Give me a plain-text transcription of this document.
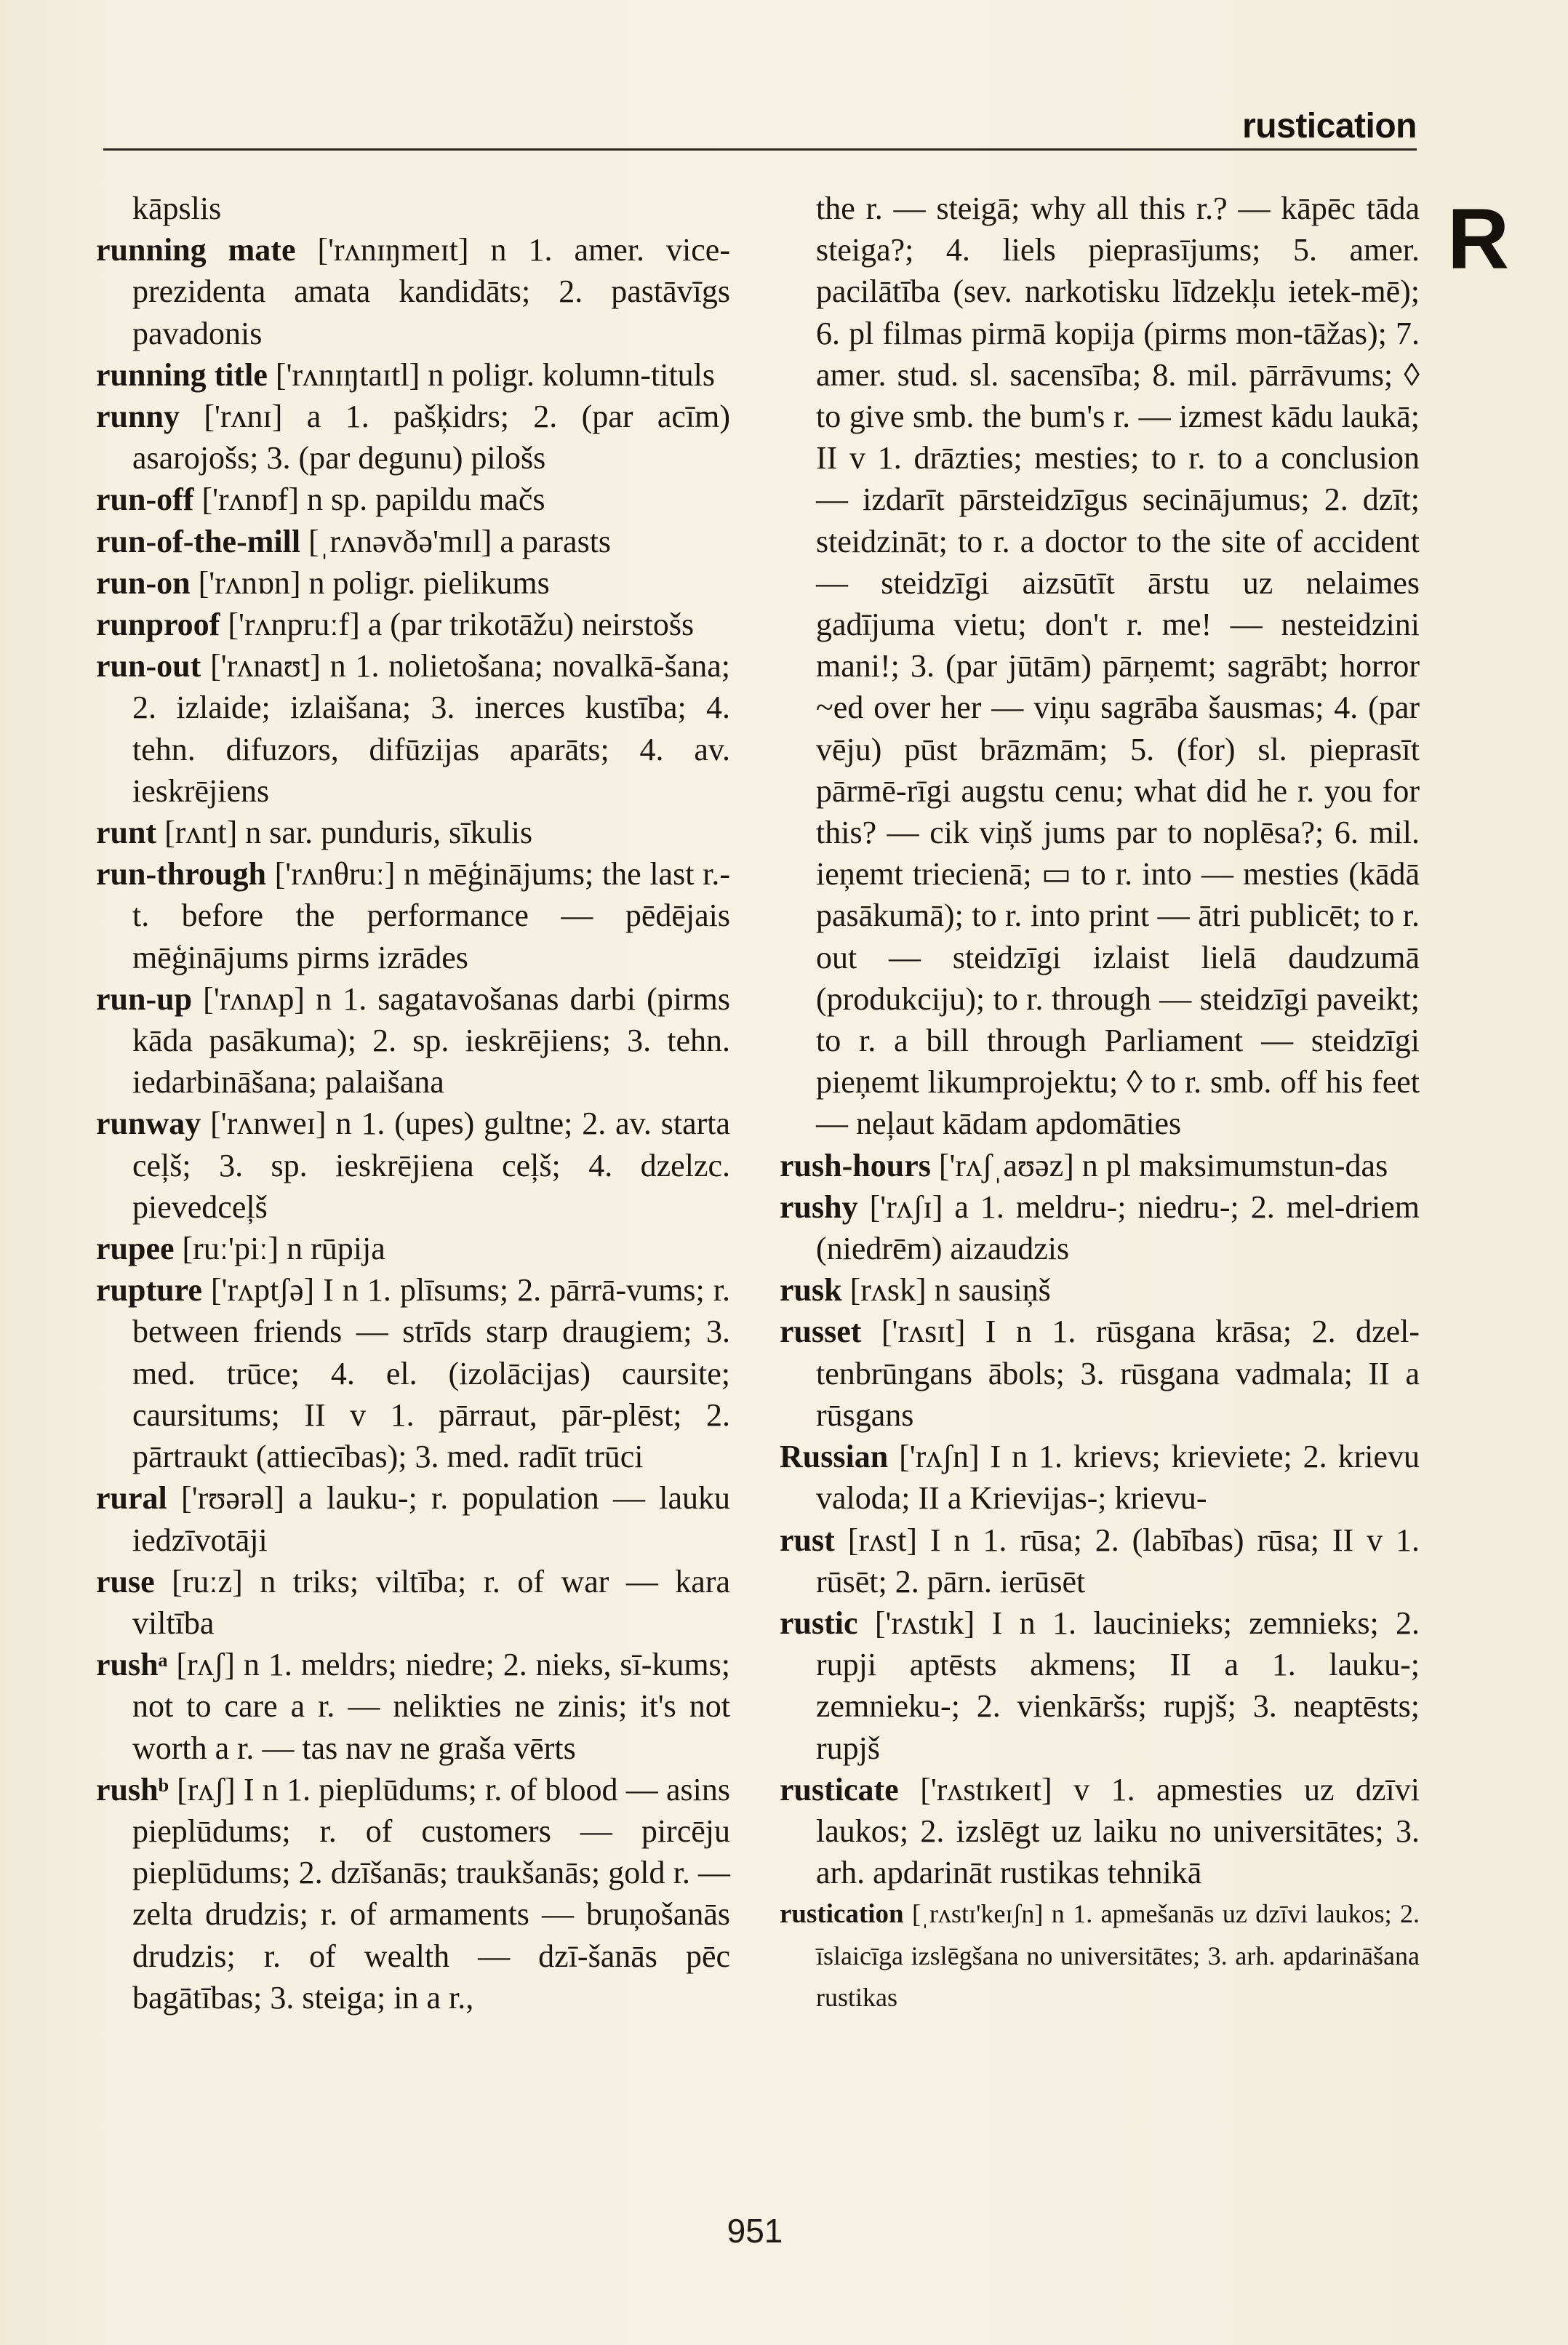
rustication
R

kāpslis

running mate ['rʌnɪŋmeɪt] n 1. amer. vice-prezidenta amata kandidāts; 2. pastāvīgs pavadonis

running title ['rʌnɪŋtaɪtl] n poligr. kolumn-tituls

runny ['rʌnɪ] a 1. pašķidrs; 2. (par acīm) asarojošs; 3. (par degunu) pilošs

run-off ['rʌnɒf] n sp. papildu mačs

run-of-the-mill [ˌrʌnəvðə'mɪl] a parasts

run-on ['rʌnɒn] n poligr. pielikums

runproof ['rʌnpruːf] a (par trikotāžu) neirstošs

run-out ['rʌnaʊt] n 1. nolietošana; novalkā-šana; 2. izlaide; izlaišana; 3. inerces kustība; 4. tehn. difuzors, difūzijas aparāts; 4. av. ieskrējiens

runt [rʌnt] n sar. punduris, sīkulis

run-through ['rʌnθruː] n mēģinājums; the last r.-t. before the performance — pēdējais mēģinājums pirms izrādes

run-up ['rʌnʌp] n 1. sagatavošanas darbi (pirms kāda pasākuma); 2. sp. ieskrējiens; 3. tehn. iedarbināšana; palaišana

runway ['rʌnweɪ] n 1. (upes) gultne; 2. av. starta ceļš; 3. sp. ieskrējiena ceļš; 4. dzelzc. pievedceļš

rupee [ruː'piː] n rūpija

rupture ['rʌptʃə] I n 1. plīsums; 2. pārrā-vums; r. between friends — strīds starp draugiem; 3. med. trūce; 4. el. (izolācijas) caursite; caursitums; II v 1. pārraut, pār-plēst; 2. pārtraukt (attiecības); 3. med. radīt trūci

rural ['rʊərəl] a lauku-; r. population — lauku iedzīvotāji

ruse [ruːz] n triks; viltība; r. of war — kara viltība

rushᵃ [rʌʃ] n 1. meldrs; niedre; 2. nieks, sī-kums; not to care a r. — nelikties ne zinis; it's not worth a r. — tas nav ne graša vērts

rushᵇ [rʌʃ] I n 1. pieplūdums; r. of blood — asins pieplūdums; r. of customers — pircēju pieplūdums; 2. dzīšanās; traukšanās; gold r. — zelta drudzis; r. of armaments — bruņošanās drudzis; r. of wealth — dzī-šanās pēc bagātības; 3. steiga; in a r.,

the r. — steigā; why all this r.? — kāpēc tāda steiga?; 4. liels pieprasījums; 5. amer. pacilātība (sev. narkotisku līdzekļu ietek-mē); 6. pl filmas pirmā kopija (pirms mon-tāžas); 7. amer. stud. sl. sacensība; 8. mil. pārrāvums; ◊ to give smb. the bum's r. — izmest kādu laukā; II v 1. drāzties; mesties; to r. to a conclusion — izdarīt pārsteidzīgus secinājumus; 2. dzīt; steidzināt; to r. a doctor to the site of accident — steidzīgi aizsūtīt ārstu uz nelaimes gadījuma vietu; don't r. me! — nesteidzini mani!; 3. (par jūtām) pārņemt; sagrābt; horror ~ed over her — viņu sagrāba šausmas; 4. (par vēju) pūst brāzmām; 5. (for) sl. pieprasīt pārmē-rīgi augstu cenu; what did he r. you for this? — cik viņš jums par to noplēsa?; 6. mil. ieņemt triecienā; ▭ to r. into — mesties (kādā pasākumā); to r. into print — ātri publicēt; to r. out — steidzīgi izlaist lielā daudzumā (produkciju); to r. through — steidzīgi paveikt; to r. a bill through Parliament — steidzīgi pieņemt likumprojektu; ◊ to r. smb. off his feet — neļaut kādam apdomāties

rush-hours ['rʌʃˌaʊəz] n pl maksimumstun-das

rushy ['rʌʃɪ] a 1. meldru-; niedru-; 2. mel-driem (niedrēm) aizaudzis

rusk [rʌsk] n sausiņš

russet ['rʌsɪt] I n 1. rūsgana krāsa; 2. dzel-tenbrūngans ābols; 3. rūsgana vadmala; II a rūsgans

Russian ['rʌʃn] I n 1. krievs; krieviete; 2. krievu valoda; II a Krievijas-; krievu-

rust [rʌst] I n 1. rūsa; 2. (labības) rūsa; II v 1. rūsēt; 2. pārn. ierūsēt

rustic ['rʌstɪk] I n 1. laucinieks; zemnieks; 2. rupji aptēsts akmens; II a 1. lauku-; zemnieku-; 2. vienkāršs; rupjš; 3. neaptēsts; rupjš

rusticate ['rʌstɪkeɪt] v 1. apmesties uz dzīvi laukos; 2. izslēgt uz laiku no universitātes; 3. arh. apdarināt rustikas tehnikā

rustication [ˌrʌstɪ'keɪʃn] n 1. apmešanās uz dzīvi laukos; 2. īslaicīga izslēgšana no universitātes; 3. arh. apdarināšana rustikas

951
